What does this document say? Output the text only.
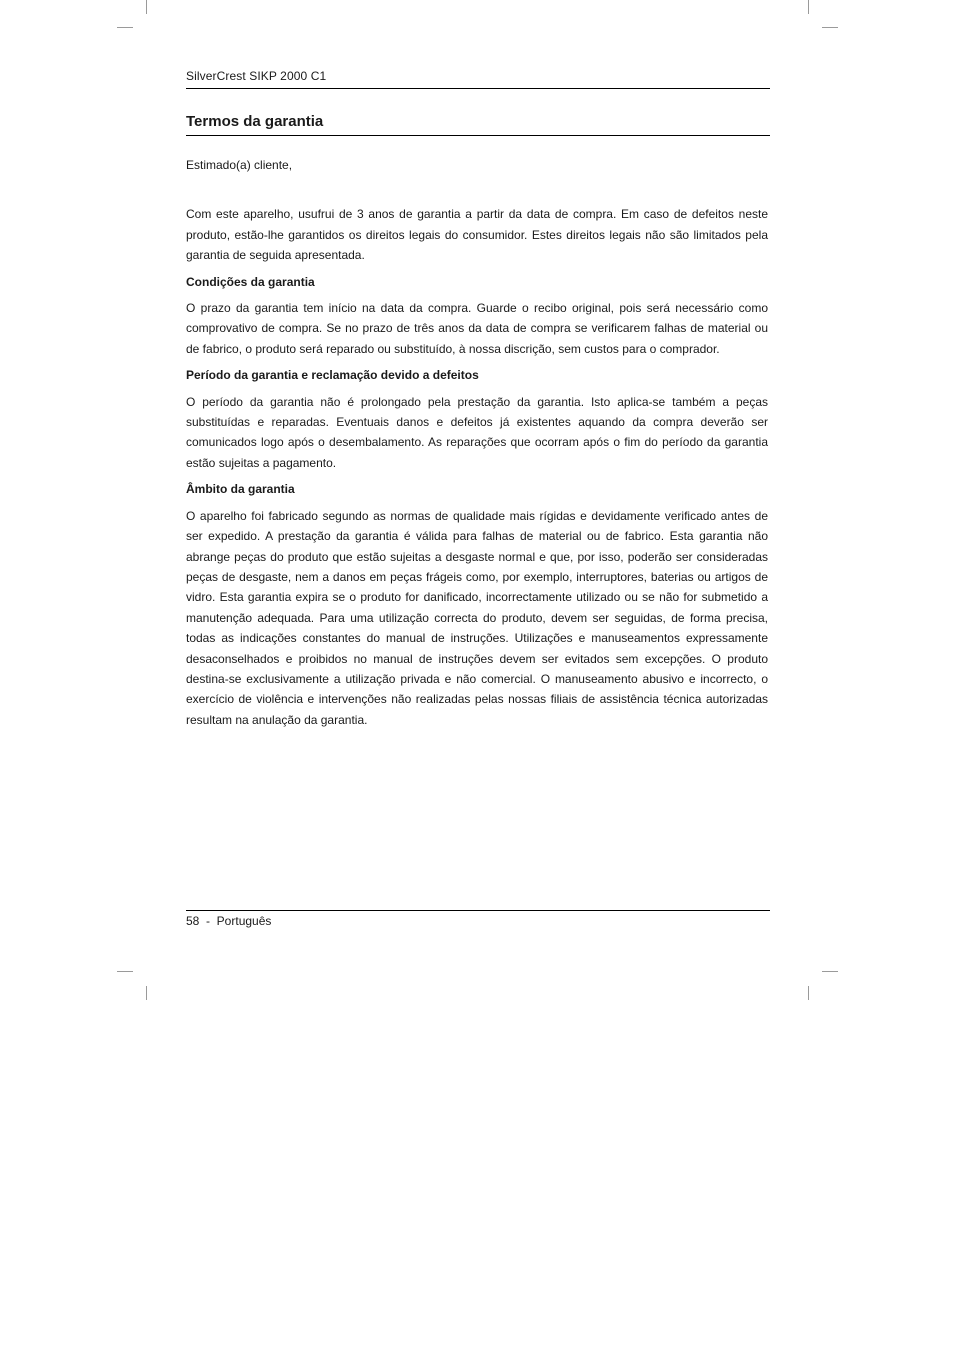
SilverCrest SIKP 2000 C1
Termos da garantia

Estimado(a) cliente,

Com este aparelho, usufrui de 3 anos de garantia a partir da data de compra. Em caso de defeitos neste produto, estão-lhe garantidos os direitos legais do consumidor. Estes direitos legais não são limitados pela garantia de seguida apresentada.

Condições da garantia

O prazo da garantia tem início na data da compra. Guarde o recibo original, pois será necessário como comprovativo de compra. Se no prazo de três anos da data de compra se verificarem falhas de material ou de fabrico, o produto será reparado ou substituído, à nossa discrição, sem custos para o comprador.

Período da garantia e reclamação devido a defeitos

O período da garantia não é prolongado pela prestação da garantia. Isto aplica-se também a peças substituídas e reparadas. Eventuais danos e defeitos já existentes aquando da compra deverão ser comunicados logo após o desembalamento. As reparações que ocorram após o fim do período da garantia estão sujeitas a pagamento.

Âmbito da garantia

O aparelho foi fabricado segundo as normas de qualidade mais rígidas e devidamente verificado antes de ser expedido. A prestação da garantia é válida para falhas de material ou de fabrico. Esta garantia não abrange peças do produto que estão sujeitas a desgaste normal e que, por isso, poderão ser consideradas peças de desgaste, nem a danos em peças frágeis como, por exemplo, interruptores, baterias ou artigos de vidro. Esta garantia expira se o produto for danificado, incorrectamente utilizado ou se não for submetido a manutenção adequada. Para uma utilização correcta do produto, devem ser seguidas, de forma precisa, todas as indicações constantes do manual de instruções. Utilizações e manuseamentos expressamente desaconselhados e proibidos no manual de instruções devem ser evitados sem excepções. O produto destina-se exclusivamente a utilização privada e não comercial. O manuseamento abusivo e incorrecto, o exercício de violência e intervenções não realizadas pelas nossas filiais de assistência técnica autorizadas resultam na anulação da garantia.

58  -  Português
